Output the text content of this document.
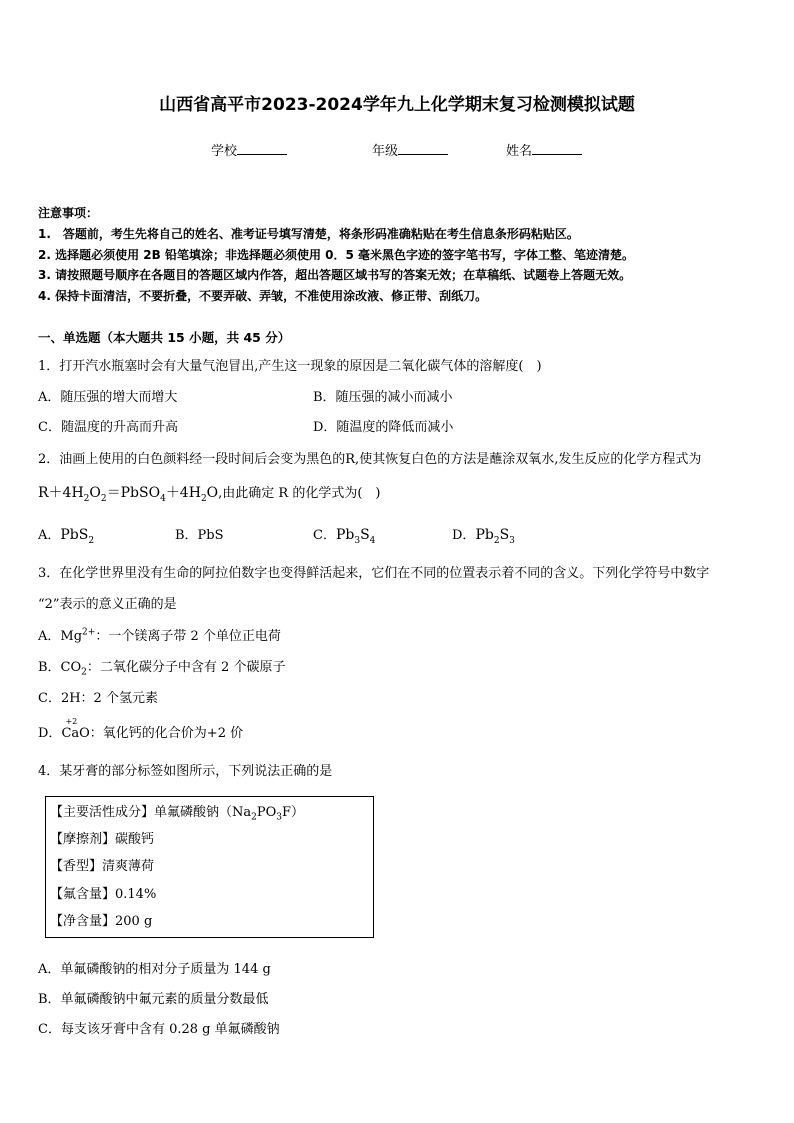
山西省高平市2023-2024学年九上化学期末复习检测模拟试题
学校	年级	姓名
注意事项：
1.　答题前，考生先将自己的姓名、准考证号填写清楚，将条形码准确粘贴在考生信息条形码粘贴区。
2. 选择题必须使用 2B 铅笔填涂；非选择题必须使用 0．5 毫米黑色字迹的签字笔书写，字体工整、笔迹清楚。
3. 请按照题号顺序在各题目的答题区域内作答，超出答题区域书写的答案无效；在草稿纸、试题卷上答题无效。
4. 保持卡面清洁，不要折叠，不要弄破、弄皱，不准使用涂改液、修正带、刮纸刀。
一、单选题（本大题共 15 小题，共 45 分）
1．打开汽水瓶塞时会有大量气泡冒出,产生这一现象的原因是二氧化碳气体的溶解度(　)
A．随压强的增大而增大	B．随压强的减小而减小
C．随温度的升高而升高	D．随温度的降低而减小
2．油画上使用的白色颜料经一段时间后会变为黑色的R,使其恢复白色的方法是蘸涂双氧水,发生反应的化学方程式为
$R+4H_2O_2=PbSO_4+4H_2O$,由此确定 R 的化学式为(　)
A．PbS$_2$	B．PbS	C．$Pb_3S_4$	D．$Pb_2S_3$
3．在化学世界里没有生命的阿拉伯数字也变得鲜活起来，它们在不同的位置表示着不同的含义。下列化学符号中数字
“2”表示的意义正确的是
A．$Mg^{2+}$：一个镁离子带 2 个单位正电荷
B．$CO_2$：二氧化碳分子中含有 2 个碳原子
C．2H：2 个氢元素
D．
+2
CaO：氧化钙的化合价为+2 价
4．某牙膏的部分标签如图所示，下列说法正确的是
【主要活性成分】单氟磷酸钠$(Na_2PO_3F)$
【摩擦剂】碳酸钙
【香型】清爽薄荷
【氟含量】0.14%
【净含量】200 g
A．单氟磷酸钠的相对分子质量为 144 g
B．单氟磷酸钠中氟元素的质量分数最低
C．每支该牙膏中含有 0.28 g 单氟磷酸钠
